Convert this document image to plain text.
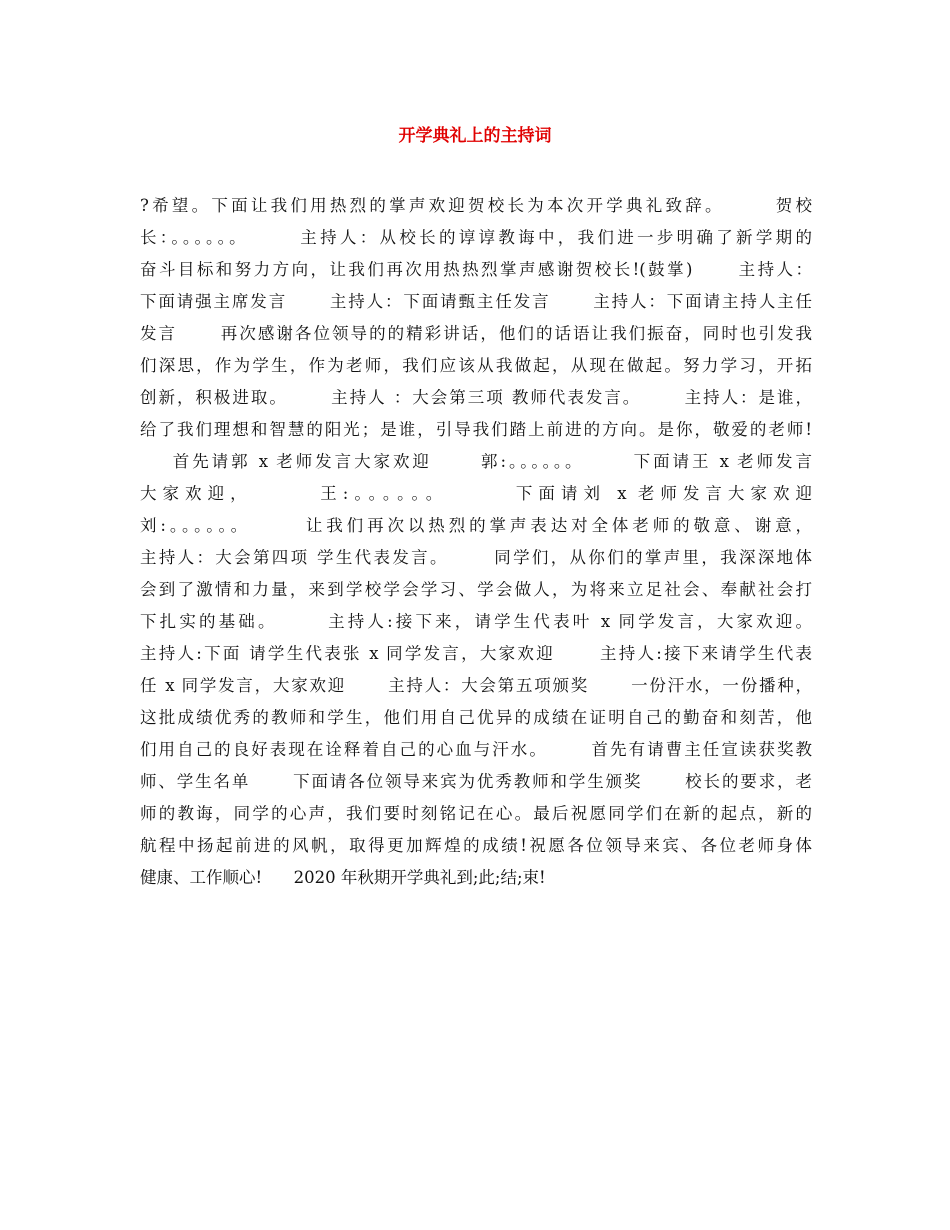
开学典礼上的主持词
?希望。下面让我们用热烈的掌声欢迎贺校长为本次开学典礼致辞。      贺校
长：。。。。。。      主持人：从校长的谆谆教诲中，我们进一步明确了新学期的
奋斗目标和努力方向，让我们再次用热热烈掌声感谢贺校长!(鼓掌)      主持人：
下面请强主席发言      主持人：下面请甄主任发言      主持人：下面请主持人主任
发言      再次感谢各位领导的的精彩讲话，他们的话语让我们振奋，同时也引发我
们深思，作为学生，作为老师，我们应该从我做起，从现在做起。努力学习，开拓
创新，积极进取。      主持人 ：大会第三项 教师代表发言。      主持人：是谁，
给了我们理想和智慧的阳光；是谁，引导我们踏上前进的方向。是你，敬爱的老师!
首先请郭 x 老师发言大家欢迎      郭:。。。。。。      下面请王 x 老师发言
大家欢迎，      王:。。。。。。      下面请刘 x 老师发言大家欢迎
刘:。。。。。。      让我们再次以热烈的掌声表达对全体老师的敬意、谢意，
主持人：大会第四项 学生代表发言。      同学们，从你们的掌声里，我深深地体
会到了激情和力量，来到学校学会学习、学会做人，为将来立足社会、奉献社会打
下扎实的基础。      主持人:接下来，请学生代表叶 x 同学发言，大家欢迎。
主持人:下面 请学生代表张 x 同学发言，大家欢迎      主持人:接下来请学生代表
任 x 同学发言，大家欢迎      主持人：大会第五项颁奖      一份汗水，一份播种，
这批成绩优秀的教师和学生，他们用自己优异的成绩在证明自己的勤奋和刻苦，他
们用自己的良好表现在诠释着自己的心血与汗水。      首先有请曹主任宣读获奖教
师、学生名单      下面请各位领导来宾为优秀教师和学生颁奖      校长的要求，老
师的教诲，同学的心声，我们要时刻铭记在心。最后祝愿同学们在新的起点，新的
航程中扬起前进的风帆，取得更加辉煌的成绩!祝愿各位领导来宾、各位老师身体
健康、工作顺心!      2020 年秋期开学典礼到;此;结;束!
